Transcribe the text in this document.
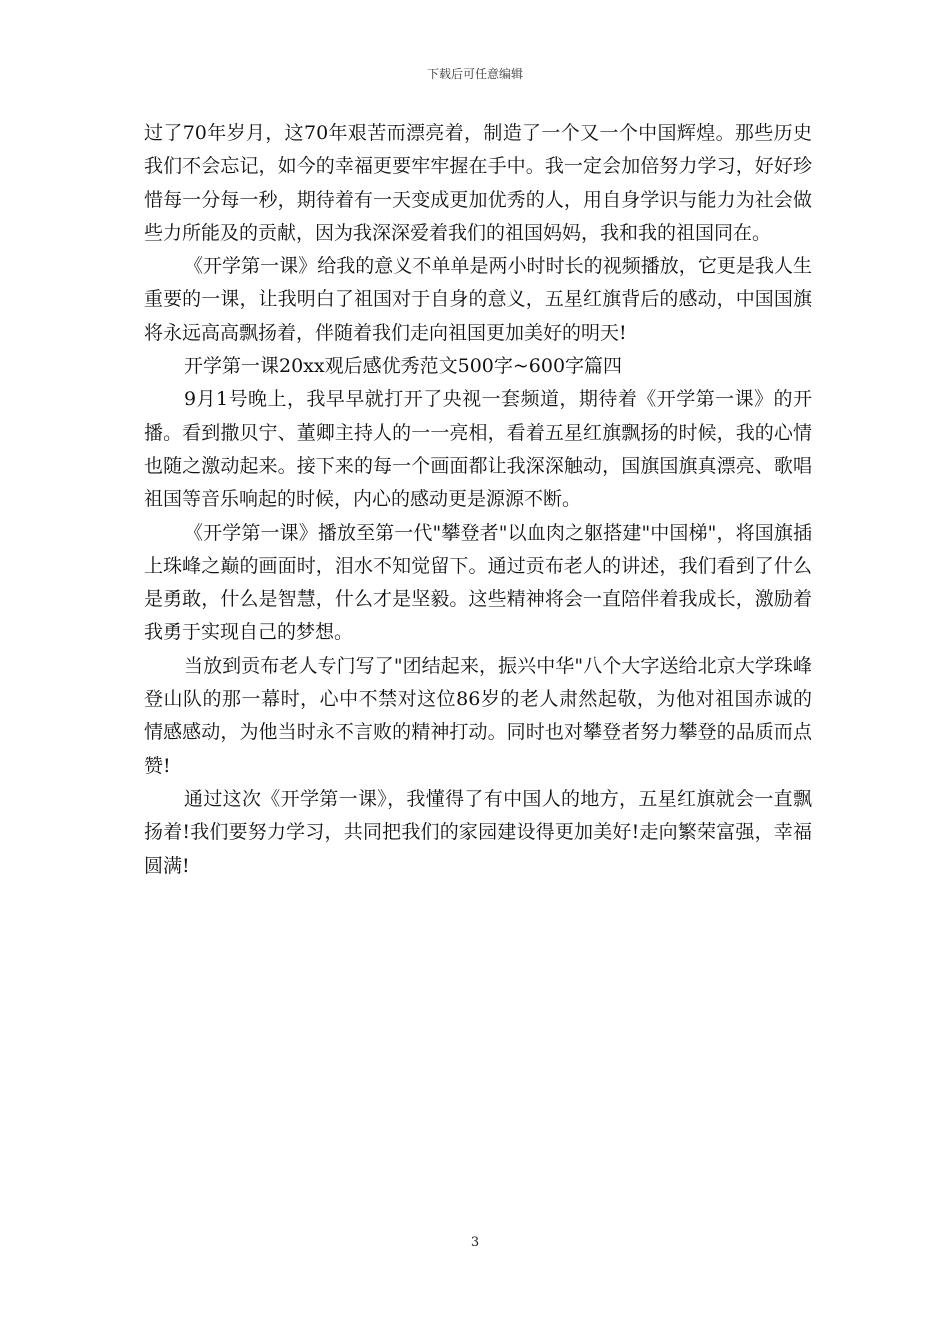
下载后可任意编辑

过了70年岁月，这70年艰苦而漂亮着，制造了一个又一个中国辉煌。那些历史我们不会忘记，如今的幸福更要牢牢握在手中。我一定会加倍努力学习，好好珍惜每一分每一秒，期待着有一天变成更加优秀的人，用自身学识与能力为社会做些力所能及的贡献，因为我深深爱着我们的祖国妈妈，我和我的祖国同在。

《开学第一课》给我的意义不单单是两小时时长的视频播放，它更是我人生重要的一课，让我明白了祖国对于自身的意义，五星红旗背后的感动，中国国旗将永远高高飘扬着，伴随着我们走向祖国更加美好的明天!

开学第一课20xx观后感优秀范文500字~600字篇四

9月1号晚上，我早早就打开了央视一套频道，期待着《开学第一课》的开播。看到撒贝宁、董卿主持人的一一亮相，看着五星红旗飘扬的时候，我的心情也随之激动起来。接下来的每一个画面都让我深深触动，国旗国旗真漂亮、歌唱祖国等音乐响起的时候，内心的感动更是源源不断。

《开学第一课》播放至第一代"攀登者"以血肉之躯搭建"中国梯"，将国旗插上珠峰之巅的画面时，泪水不知觉留下。通过贡布老人的讲述，我们看到了什么是勇敢，什么是智慧，什么才是坚毅。这些精神将会一直陪伴着我成长，激励着我勇于实现自己的梦想。

当放到贡布老人专门写了"团结起来，振兴中华"八个大字送给北京大学珠峰登山队的那一幕时，心中不禁对这位86岁的老人肃然起敬，为他对祖国赤诚的情感感动，为他当时永不言败的精神打动。同时也对攀登者努力攀登的品质而点赞!

通过这次《开学第一课》，我懂得了有中国人的地方，五星红旗就会一直飘扬着!我们要努力学习，共同把我们的家园建设得更加美好!走向繁荣富强，幸福圆满!

3
